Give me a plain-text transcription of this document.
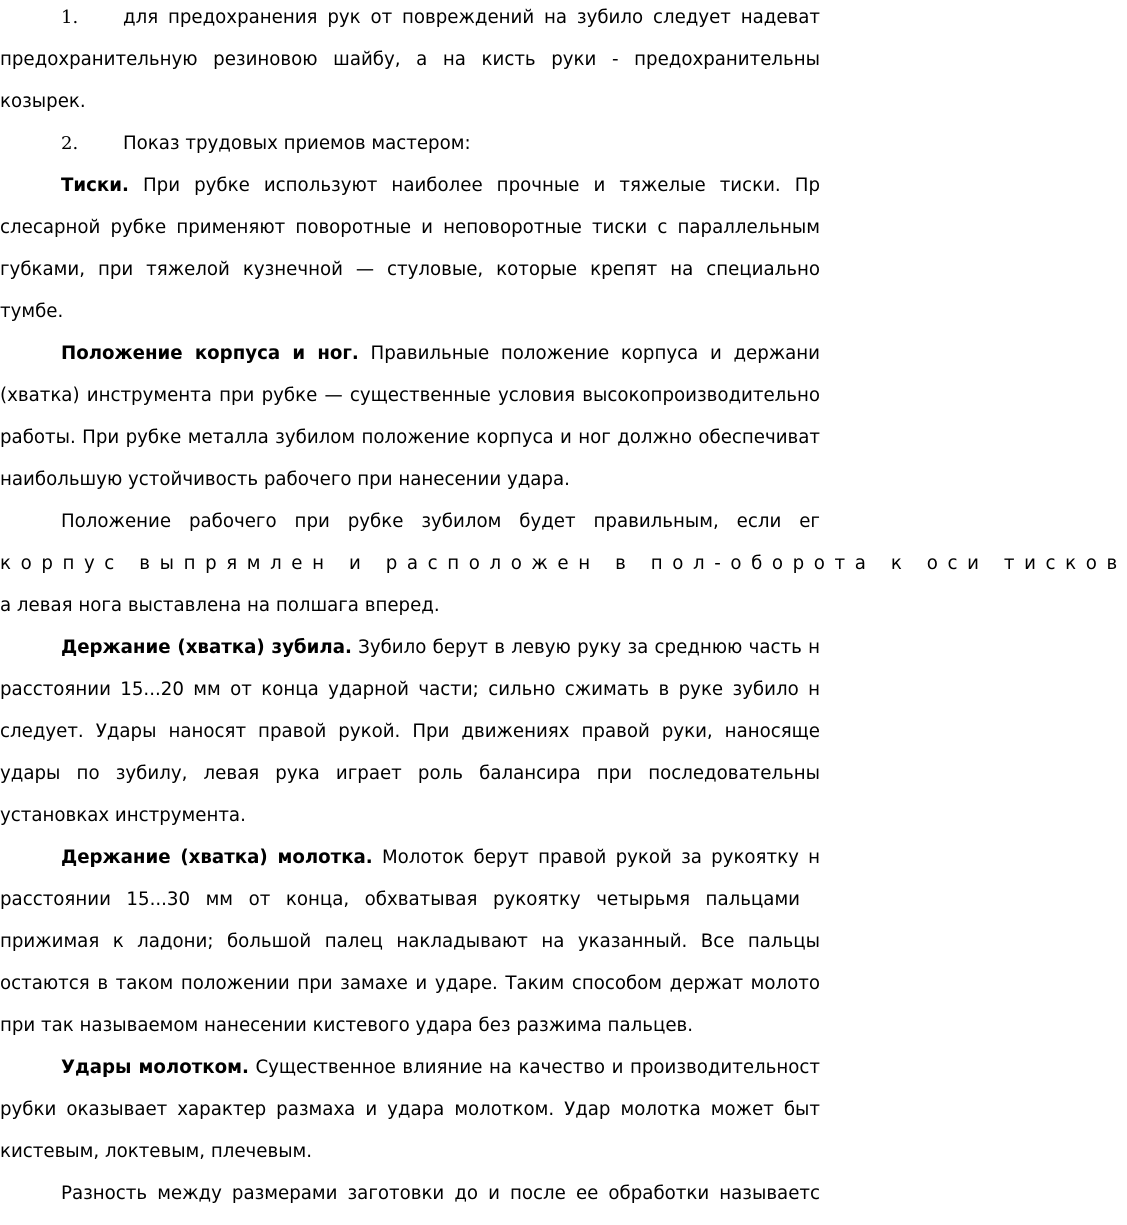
1. для предохранения рук от повреждений на зубило следует надеват
предохранительную резиновою шайбу, а на кисть руки - предохранительны
козырек.
2. Показ трудовых приемов мастером:
Тиски. При рубке используют наиболее прочные и тяжелые тиски. Пр
слесарной рубке применяют поворотные и неповоротные тиски с параллельным
губками, при тяжелой кузнечной — стуловые, которые крепят на специально
тумбе.
Положение корпуса и ног. Правильные положение корпуса и держани
(хватка) инструмента при рубке — существенные условия высокопроизводительно
работы. При рубке металла зубилом положение корпуса и ног должно обеспечиват
наибольшую устойчивость рабочего при нанесении удара.
Положение рабочего при рубке зубилом будет правильным, если ег
корпус выпрямлен и расположен в пол-оборота к оси тисков
а левая нога выставлена на полшага вперед.
Держание (хватка) зубила. Зубило берут в левую руку за среднюю часть н
расстоянии 15...20 мм от конца ударной части; сильно сжимать в руке зубило н
следует. Удары наносят правой рукой. При движениях правой руки, наносяще
удары по зубилу, левая рука играет роль балансира при последовательны
установках инструмента.
Держание (хватка) молотка. Молоток берут правой рукой за рукоятку н
расстоянии 15...30 мм от конца, обхватывая рукоятку четырьмя пальцами
прижимая к ладони; большой палец накладывают на указанный. Все пальцы
остаются в таком положении при замахе и ударе. Таким способом держат молото
при так называемом нанесении кистевого удара без разжима пальцев.
Удары молотком. Существенное влияние на качество и производительност
рубки оказывает характер размаха и удара молотком. Удар молотка может быт
кистевым, локтевым, плечевым.
Разность между размерами заготовки до и после ее обработки называетс
